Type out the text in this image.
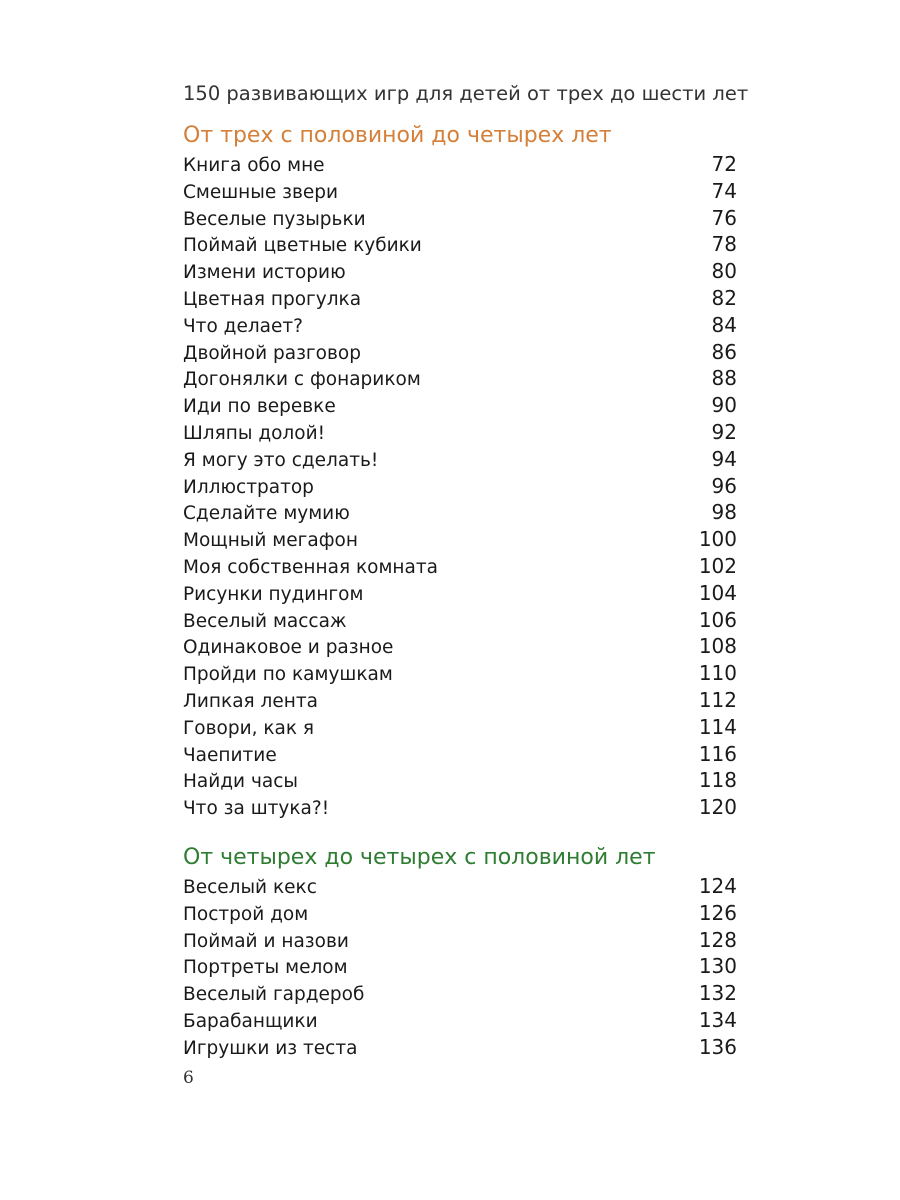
150 развивающих игр для детей от трех до шести лет
От трех с половиной до четырех лет
Книга обо мне	72
Смешные звери	74
Веселые пузырьки	76
Поймай цветные кубики	78
Измени историю	80
Цветная прогулка	82
Что делает?	84
Двойной разговор	86
Догонялки с фонариком	88
Иди по веревке	90
Шляпы долой!	92
Я могу это сделать!	94
Иллюстратор	96
Сделайте мумию	98
Мощный мегафон	100
Моя собственная комната	102
Рисунки пудингом	104
Веселый массаж	106
Одинаковое и разное	108
Пройди по камушкам	110
Липкая лента	112
Говори, как я	114
Чаепитие	116
Найди часы	118
Что за штука?!	120
От четырех до четырех с половиной лет
Веселый кекс	124
Построй дом	126
Поймай и назови	128
Портреты мелом	130
Веселый гардероб	132
Барабанщики	134
Игрушки из теста	136
6
